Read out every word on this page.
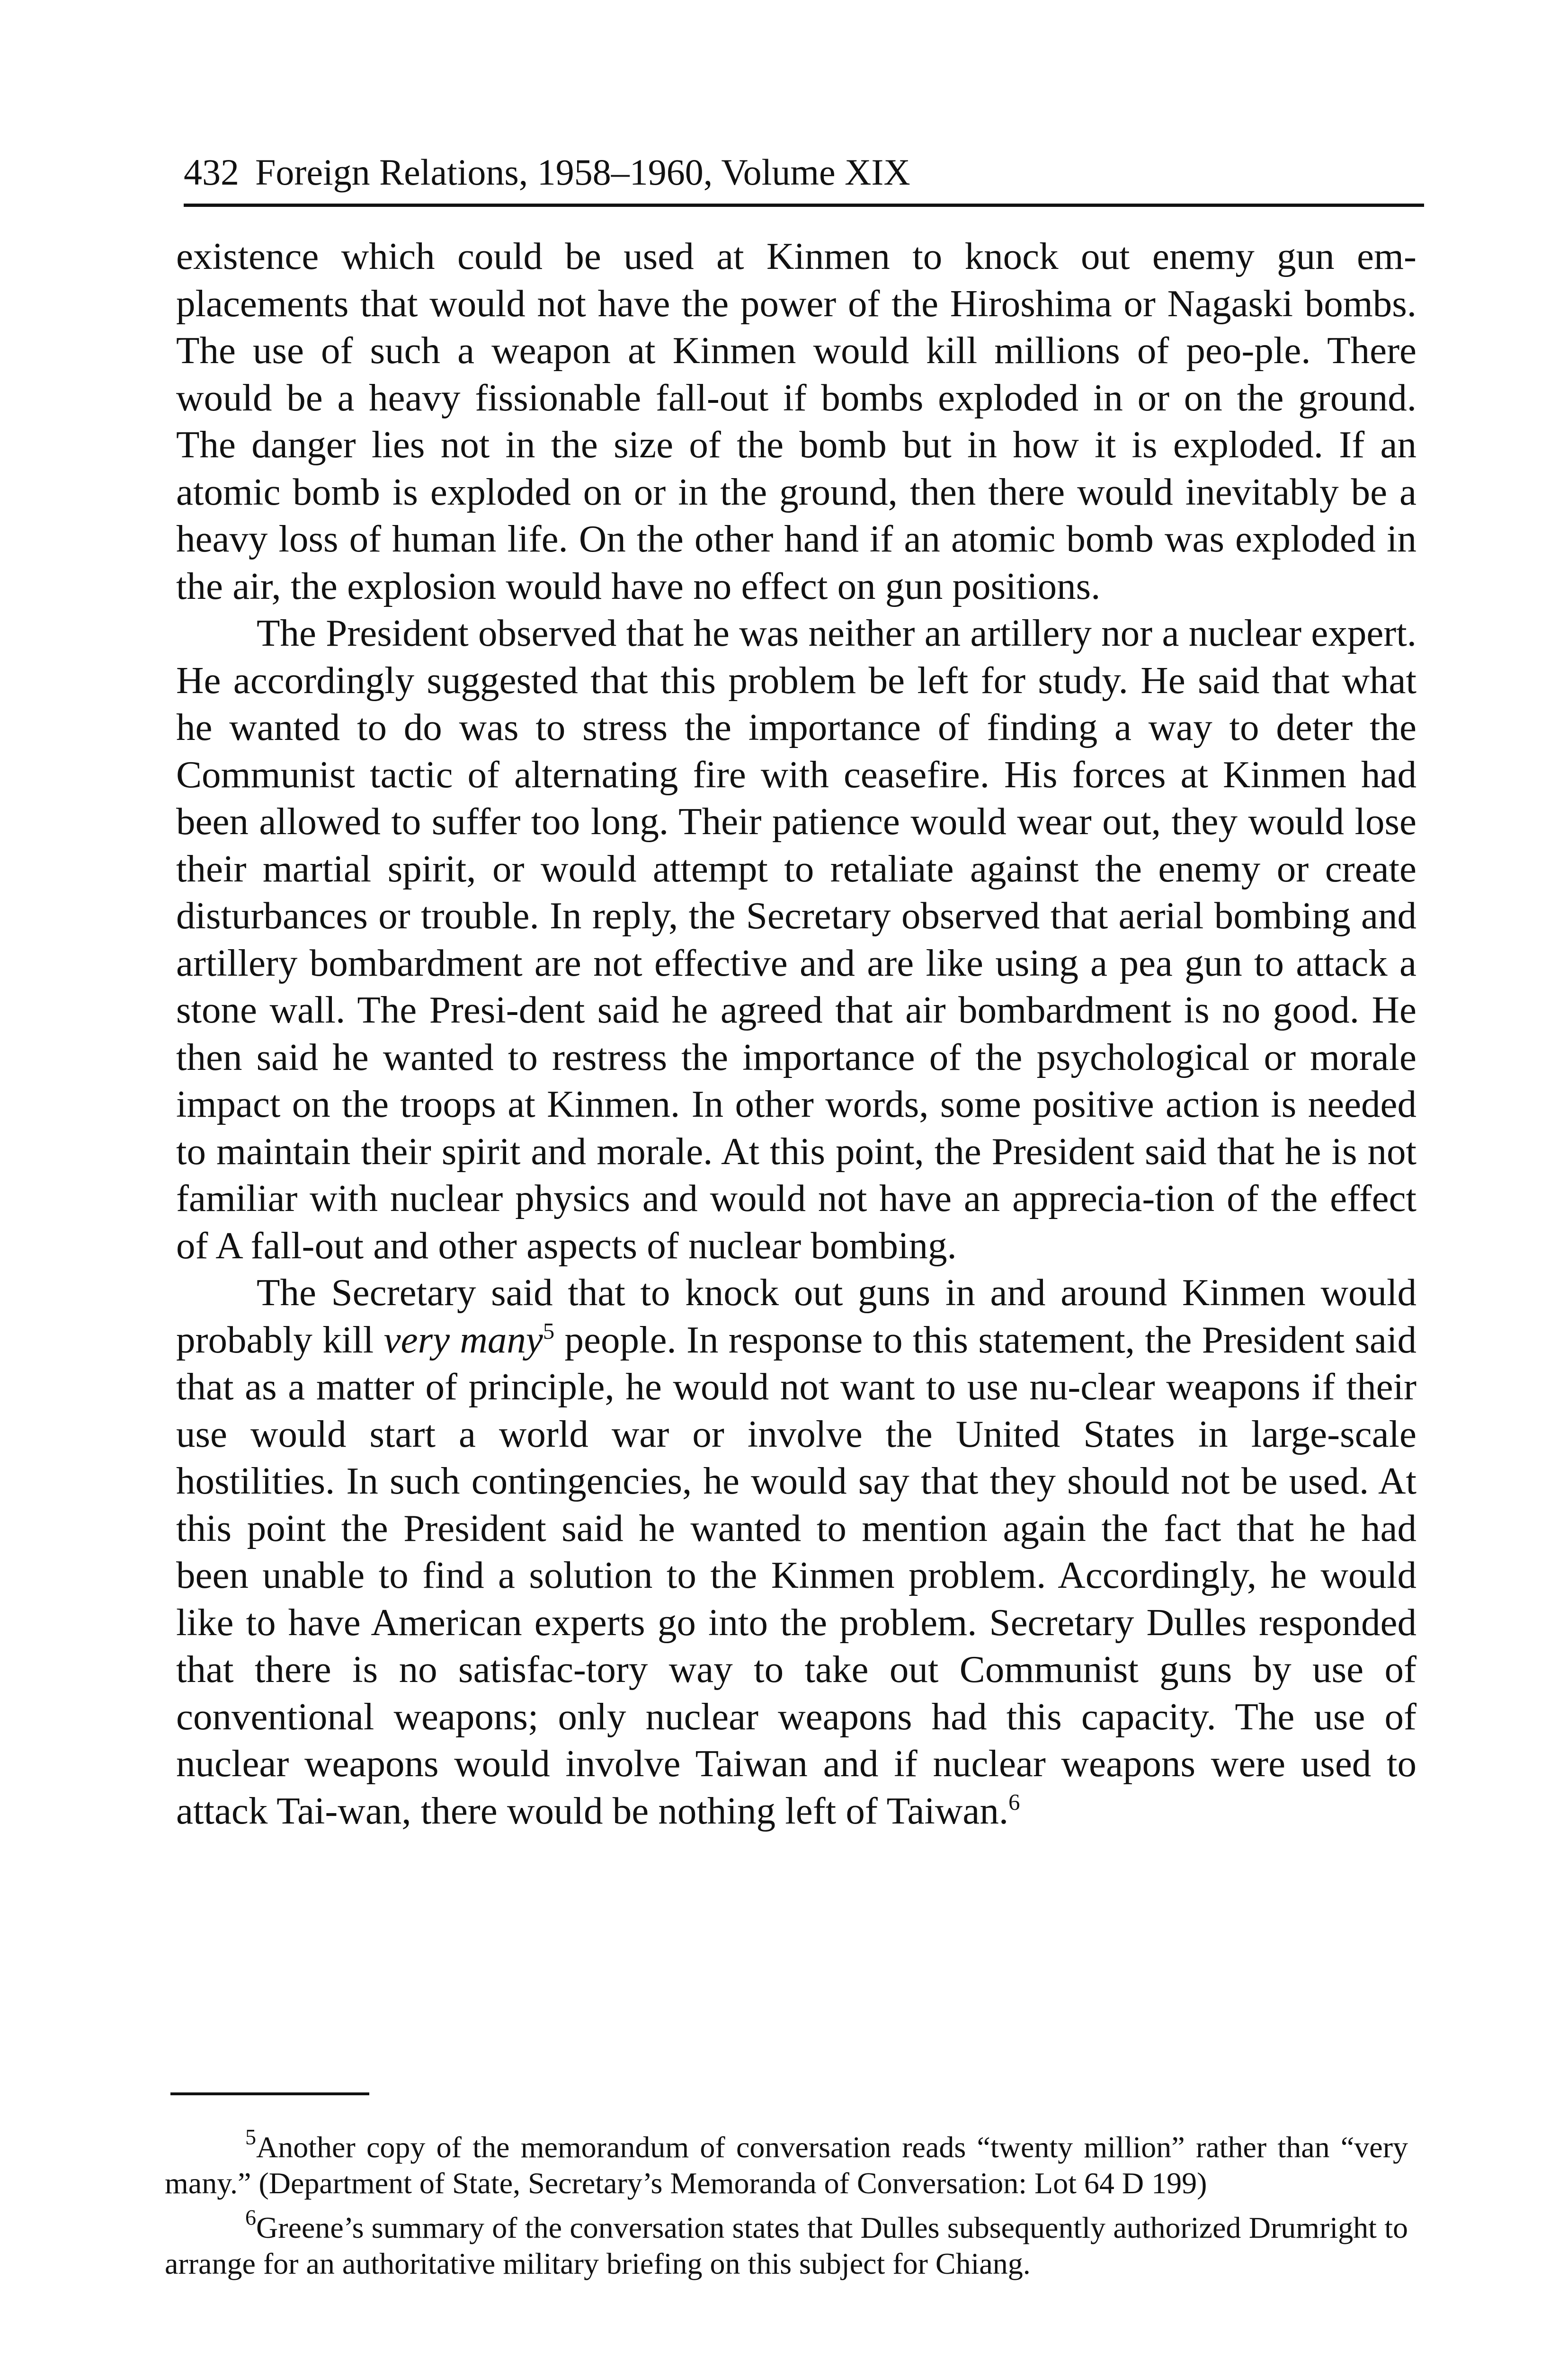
432 Foreign Relations, 1958–1960, Volume XIX

existence which could be used at Kinmen to knock out enemy gun em-placements that would not have the power of the Hiroshima or Nagaski bombs. The use of such a weapon at Kinmen would kill millions of peo-ple. There would be a heavy fissionable fall-out if bombs exploded in or on the ground. The danger lies not in the size of the bomb but in how it is exploded. If an atomic bomb is exploded on or in the ground, then there would inevitably be a heavy loss of human life. On the other hand if an atomic bomb was exploded in the air, the explosion would have no effect on gun positions.

The President observed that he was neither an artillery nor a nuclear expert. He accordingly suggested that this problem be left for study. He said that what he wanted to do was to stress the importance of finding a way to deter the Communist tactic of alternating fire with ceasefire. His forces at Kinmen had been allowed to suffer too long. Their patience would wear out, they would lose their martial spirit, or would attempt to retaliate against the enemy or create disturbances or trouble. In reply, the Secretary observed that aerial bombing and artillery bombardment are not effective and are like using a pea gun to attack a stone wall. The Presi-dent said he agreed that air bombardment is no good. He then said he wanted to restress the importance of the psychological or morale impact on the troops at Kinmen. In other words, some positive action is needed to maintain their spirit and morale. At this point, the President said that he is not familiar with nuclear physics and would not have an apprecia-tion of the effect of A fall-out and other aspects of nuclear bombing.

The Secretary said that to knock out guns in and around Kinmen would probably kill very many$^5$ people. In response to this statement, the President said that as a matter of principle, he would not want to use nu-clear weapons if their use would start a world war or involve the United States in large-scale hostilities. In such contingencies, he would say that they should not be used. At this point the President said he wanted to mention again the fact that he had been unable to find a solution to the Kinmen problem. Accordingly, he would like to have American experts go into the problem. Secretary Dulles responded that there is no satisfac-tory way to take out Communist guns by use of conventional weapons; only nuclear weapons had this capacity. The use of nuclear weapons would involve Taiwan and if nuclear weapons were used to attack Tai-wan, there would be nothing left of Taiwan.$^6$

$^5$Another copy of the memorandum of conversation reads “twenty million” rather than “very many.” (Department of State, Secretary’s Memoranda of Conversation: Lot 64 D 199)

$^6$Greene’s summary of the conversation states that Dulles subsequently authorized Drumright to arrange for an authoritative military briefing on this subject for Chiang.
